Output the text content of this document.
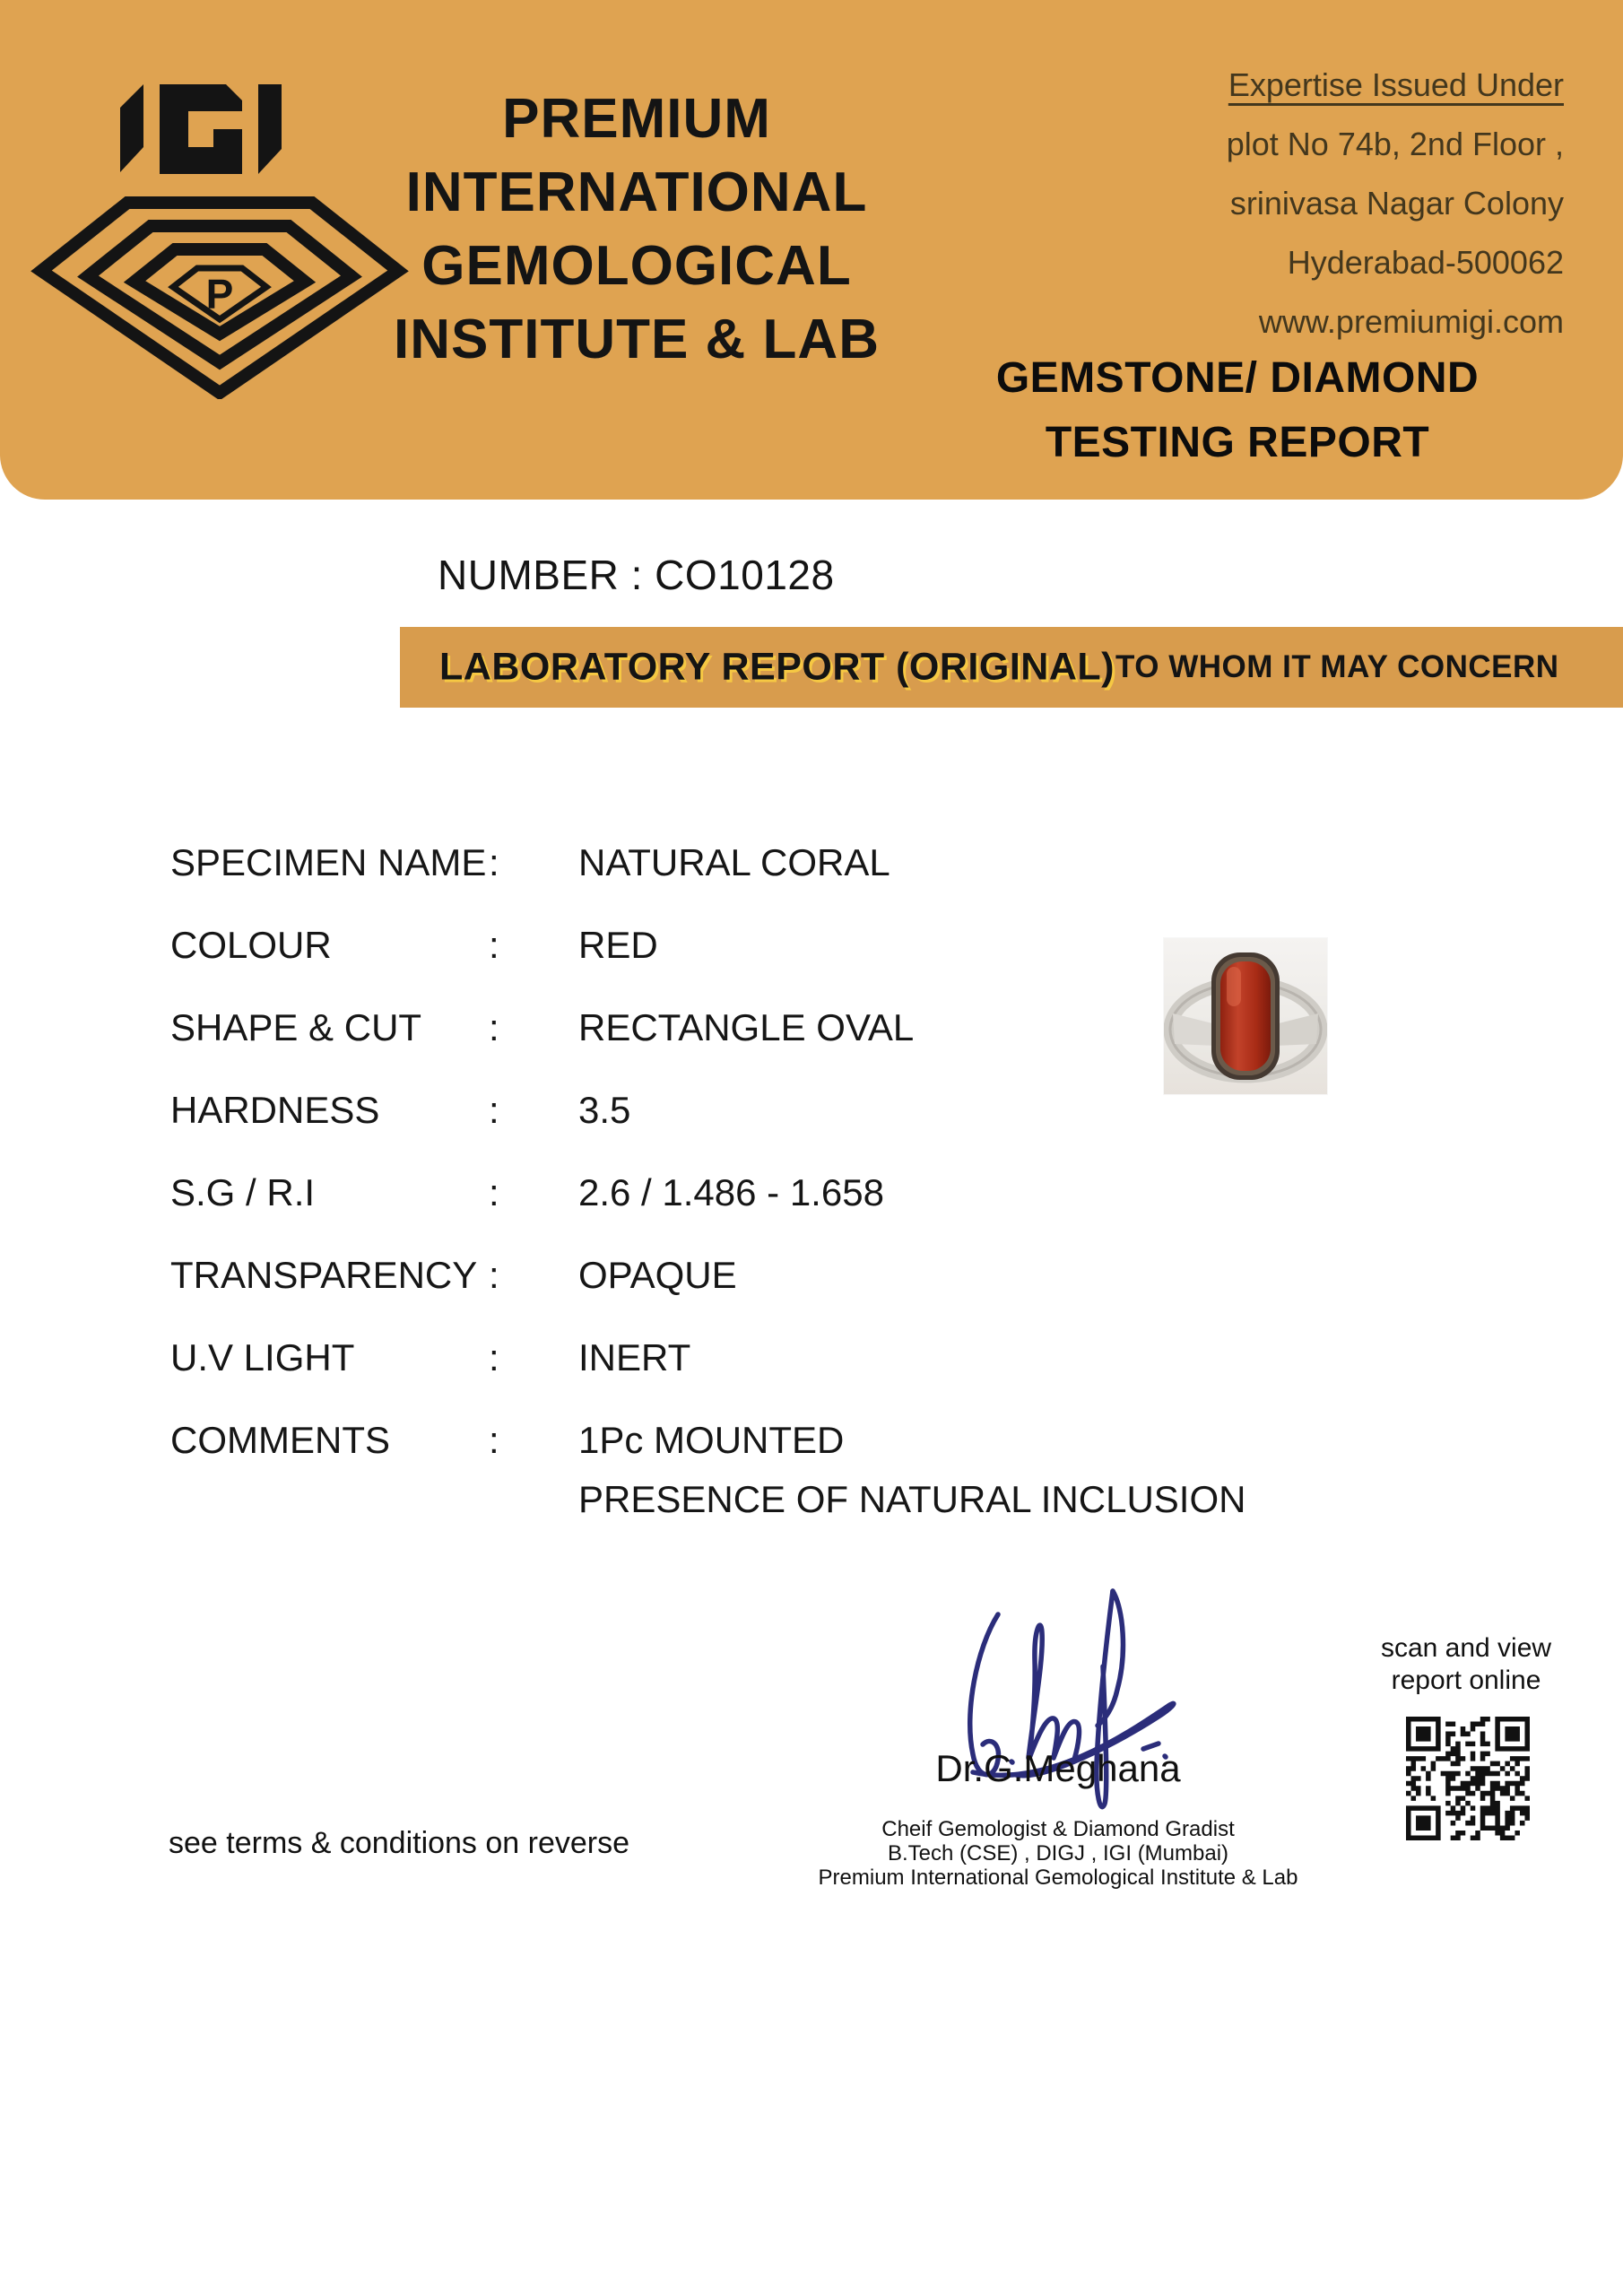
P
PREMIUM
INTERNATIONAL
GEMOLOGICAL
INSTITUTE & LAB
Expertise Issued Under
plot No 74b, 2nd Floor ,
srinivasa Nagar Colony
Hyderabad-500062
www.premiumigi.com
GEMSTONE/ DIAMOND
TESTING REPORT
NUMBER : CO10128
LABORATORY REPORT (ORIGINAL) TO WHOM IT MAY CONCERN
SPECIMEN NAME : NATURAL CORAL
COLOUR	: RED
SHAPE & CUT : RECTANGLE OVAL
HARDNESS	: 3.5
S.G / R.I	: 2.6 / 1.486 - 1.658
TRANSPARENCY : OPAQUE
U.V LIGHT	: INERT
COMMENTS	: 1Pc MOUNTED
PRESENCE OF NATURAL INCLUSION
see terms & conditions on reverse
Dr.G.Meghana
Cheif Gemologist & Diamond Gradist
B.Tech (CSE) , DIGJ , IGI (Mumbai)
Premium International Gemological Institute & Lab
scan and view
report online
